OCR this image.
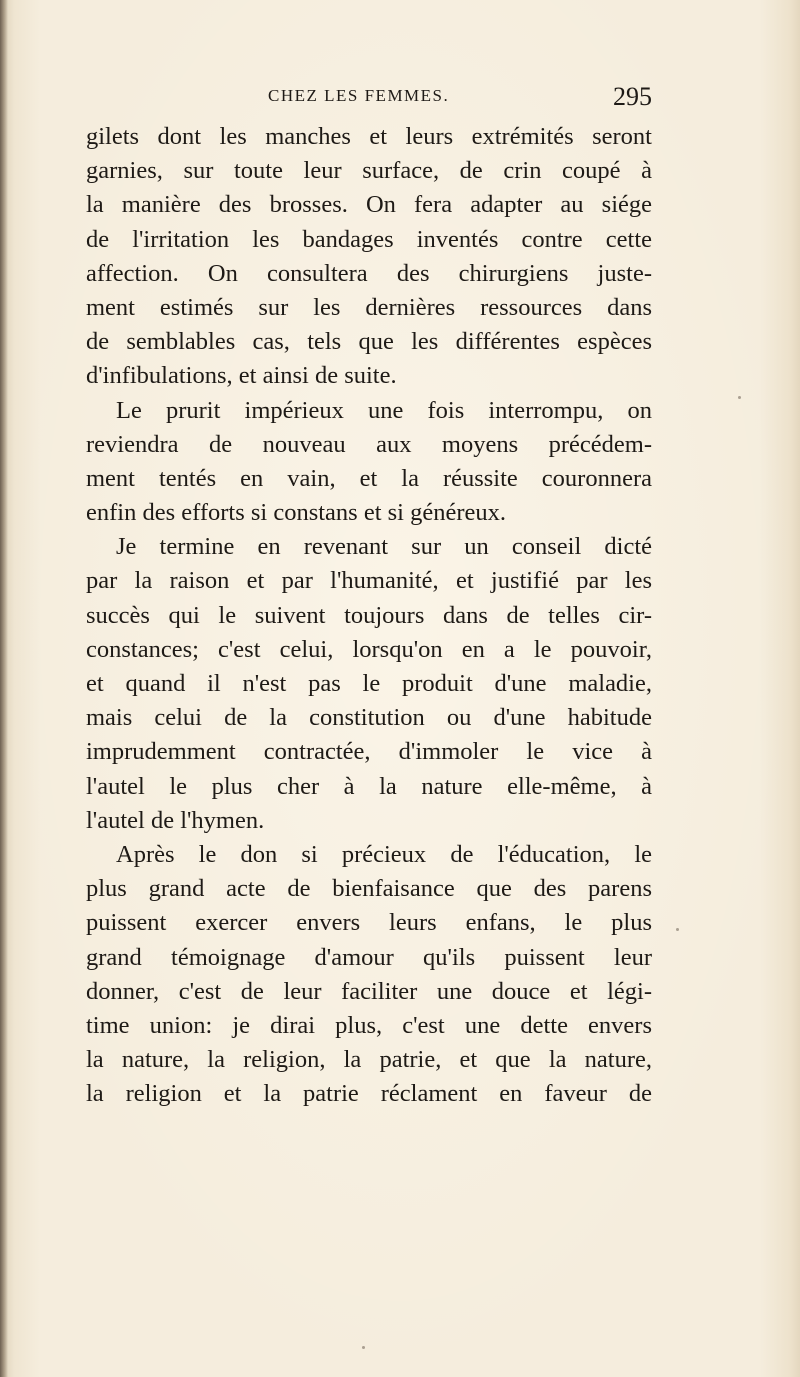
CHEZ LES FEMMES.	295
gilets dont les manches et leurs extrémités seront
garnies, sur toute leur surface, de crin coupé à
la manière des brosses. On fera adapter au siége
de l'irritation les bandages inventés contre cette
affection. On consultera des chirurgiens juste-
ment estimés sur les dernières ressources dans
de semblables cas, tels que les différentes espèces
d'infibulations, et ainsi de suite.
Le prurit impérieux une fois interrompu, on
reviendra de nouveau aux moyens précédem-
ment tentés en vain, et la réussite couronnera
enfin des efforts si constans et si généreux.
Je termine en revenant sur un conseil dicté
par la raison et par l'humanité, et justifié par les
succès qui le suivent toujours dans de telles cir-
constances; c'est celui, lorsqu'on en a le pouvoir,
et quand il n'est pas le produit d'une maladie,
mais celui de la constitution ou d'une habitude
imprudemment contractée, d'immoler le vice à
l'autel le plus cher à la nature elle-même, à
l'autel de l'hymen.
Après le don si précieux de l'éducation, le
plus grand acte de bienfaisance que des parens
puissent exercer envers leurs enfans, le plus
grand témoignage d'amour qu'ils puissent leur
donner, c'est de leur faciliter une douce et légi-
time union: je dirai plus, c'est une dette envers
la nature, la religion, la patrie, et que la nature,
la religion et la patrie réclament en faveur de
